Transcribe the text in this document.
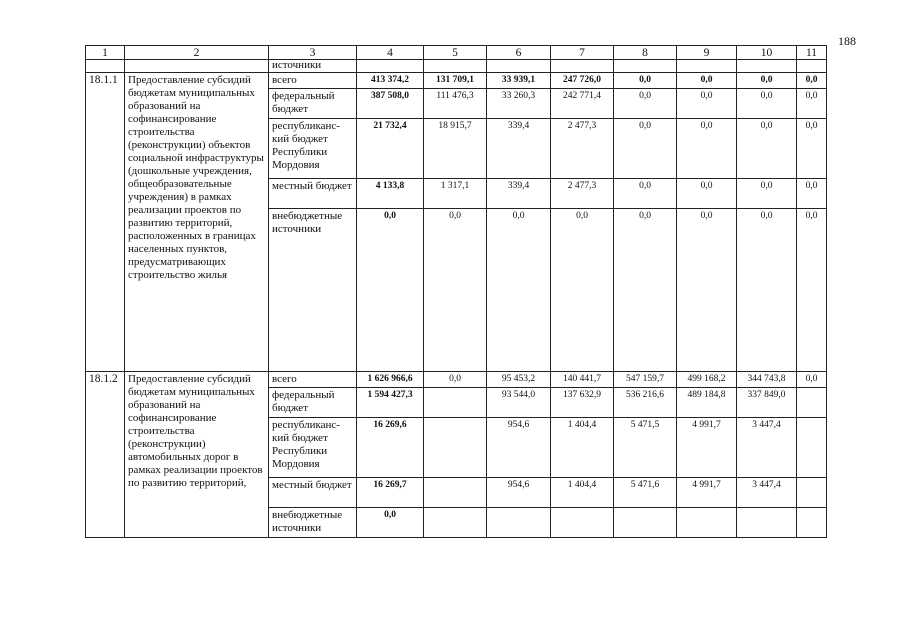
188
1	2	3	4	5	6	7	8	9	10	11
		источники								
18.1.1	Предоставление субсидий бюджетам муниципальных образований на софинансирование строительства (реконструкции) объектов социальной инфраструктуры (дошкольные учреждения, общеобразовательные учреждения) в рамках реализации проектов по развитию территорий, расположенных в границах населенных пунктов, предусматривающих строительство жилья	всего	413 374,2	131 709,1	33 939,1	247 726,0	0,0	0,0	0,0	0,0
		федеральный бюджет	387 508,0	111 476,3	33 260,3	242 771,4	0,0	0,0	0,0	0,0
		республиканс-кий бюджет Республики Мордовия	21 732,4	18 915,7	339,4	2 477,3	0,0	0,0	0,0	0,0
		местный бюджет	4 133,8	1 317,1	339,4	2 477,3	0,0	0,0	0,0	0,0
		внебюджетные источники	0,0	0,0	0,0	0,0	0,0	0,0	0,0	0,0
18.1.2	Предоставление субсидий бюджетам муниципальных образований на софинансирование строительства (реконструкции) автомобильных дорог в рамках реализации проектов по развитию территорий,	всего	1 626 966,6	0,0	95 453,2	140 441,7	547 159,7	499 168,2	344 743,8	0,0
		федеральный бюджет	1 594 427,3		93 544,0	137 632,9	536 216,6	489 184,8	337 849,0	
		республиканс-кий бюджет Республики Мордовия	16 269,6		954,6	1 404,4	5 471,5	4 991,7	3 447,4	
		местный бюджет	16 269,7		954,6	1 404,4	5 471,6	4 991,7	3 447,4	
		внебюджетные источники	0,0							
